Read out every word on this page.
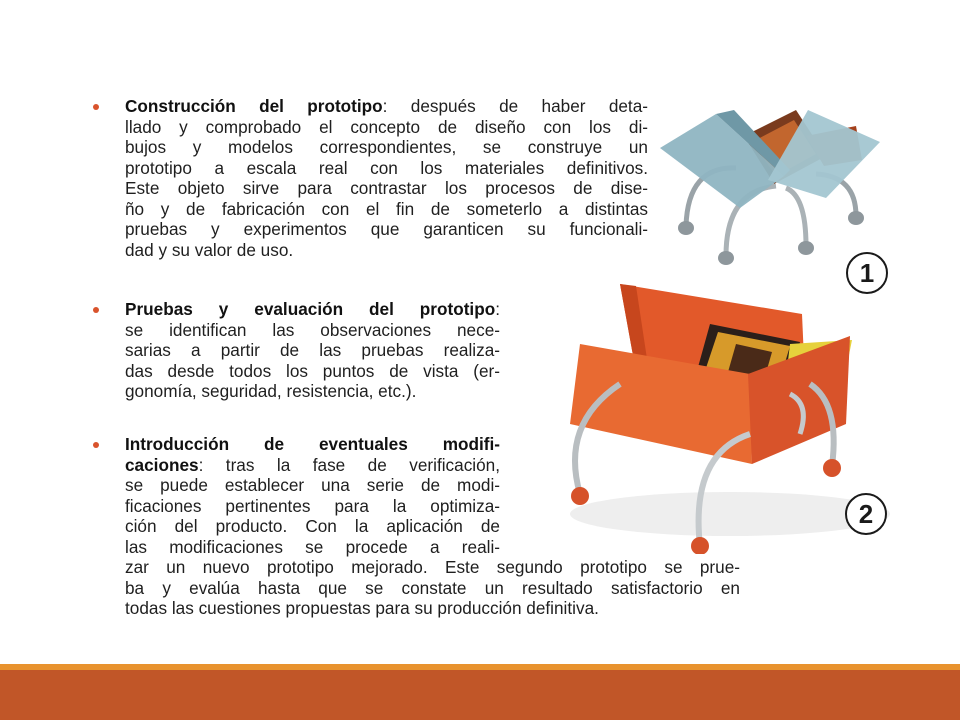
Construcción del prototipo: después de haber deta-
llado y comprobado el concepto de diseño con los di-
bujos y modelos correspondientes, se construye un
prototipo a escala real con los materiales definitivos.
Este objeto sirve para contrastar los procesos de dise-
ño y de fabricación con el fin de someterlo a distintas
pruebas y experimentos que garanticen su funcionali-
dad y su valor de uso.
Pruebas y evaluación del prototipo:
se identifican las observaciones nece-
sarias a partir de las pruebas realiza-
das desde todos los puntos de vista (er-
gonomía, seguridad, resistencia, etc.).
Introducción de eventuales modifi-
caciones: tras la fase de verificación,
se puede establecer una serie de modi-
ficaciones pertinentes para la optimiza-
ción del producto. Con la aplicación de
las modificaciones se procede a reali-
zar un nuevo prototipo mejorado. Este segundo prototipo se prue-
ba y evalúa hasta que se constate un resultado satisfactorio en
todas las cuestiones propuestas para su producción definitiva.
1
2
